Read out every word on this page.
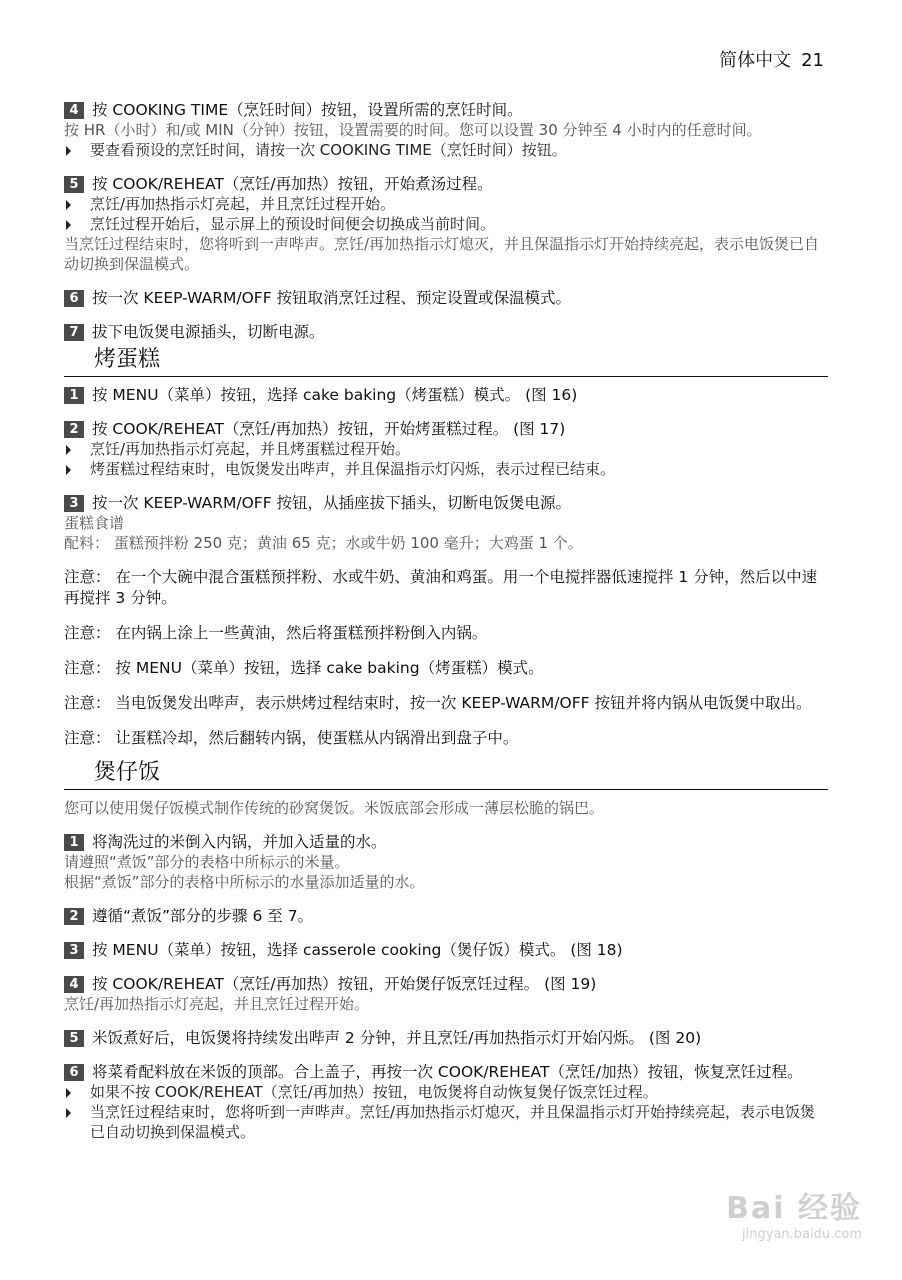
简体中文 21
4 按 COOKING TIME（烹饪时间）按钮，设置所需的烹饪时间。
按 HR（小时）和/或 MIN（分钟）按钮，设置需要的时间。您可以设置 30 分钟至 4 小时内的任意时间。
要查看预设的烹饪时间，请按一次 COOKING TIME（烹饪时间）按钮。
5 按 COOK/REHEAT（烹饪/再加热）按钮，开始煮汤过程。
烹饪/再加热指示灯亮起，并且烹饪过程开始。
烹饪过程开始后，显示屏上的预设时间便会切换成当前时间。
当烹饪过程结束时，您将听到一声哔声。烹饪/再加热指示灯熄灭，并且保温指示灯开始持续亮起，表示电饭煲已自动切换到保温模式。
6 按一次 KEEP-WARM/OFF 按钮取消烹饪过程、预定设置或保温模式。
7 拔下电饭煲电源插头，切断电源。
烤蛋糕
1 按 MENU（菜单）按钮，选择 cake baking（烤蛋糕）模式。 (图 16)
2 按 COOK/REHEAT（烹饪/再加热）按钮，开始烤蛋糕过程。 (图 17)
烹饪/再加热指示灯亮起，并且烤蛋糕过程开始。
烤蛋糕过程结束时，电饭煲发出哔声，并且保温指示灯闪烁，表示过程已结束。
3 按一次 KEEP-WARM/OFF 按钮，从插座拔下插头，切断电饭煲电源。
蛋糕食谱
配料： 蛋糕预拌粉 250 克；黄油 65 克；水或牛奶 100 毫升；大鸡蛋 1 个。
注意： 在一个大碗中混合蛋糕预拌粉、水或牛奶、黄油和鸡蛋。用一个电搅拌器低速搅拌 1 分钟，然后以中速再搅拌 3 分钟。
注意： 在内锅上涂上一些黄油，然后将蛋糕预拌粉倒入内锅。
注意： 按 MENU（菜单）按钮，选择 cake baking（烤蛋糕）模式。
注意： 当电饭煲发出哔声，表示烘烤过程结束时，按一次 KEEP-WARM/OFF 按钮并将内锅从电饭煲中取出。
注意： 让蛋糕冷却，然后翻转内锅，使蛋糕从内锅滑出到盘子中。
煲仔饭
您可以使用煲仔饭模式制作传统的砂窝煲饭。米饭底部会形成一薄层松脆的锅巴。
1 将淘洗过的米倒入内锅，并加入适量的水。
请遵照“煮饭”部分的表格中所标示的米量。
根据“煮饭”部分的表格中所标示的水量添加适量的水。
2 遵循“煮饭”部分的步骤 6 至 7。
3 按 MENU（菜单）按钮，选择 casserole cooking（煲仔饭）模式。 (图 18)
4 按 COOK/REHEAT（烹饪/再加热）按钮，开始煲仔饭烹饪过程。 (图 19)
烹饪/再加热指示灯亮起，并且烹饪过程开始。
5 米饭煮好后，电饭煲将持续发出哔声 2 分钟，并且烹饪/再加热指示灯开始闪烁。 (图 20)
6 将菜肴配料放在米饭的顶部。合上盖子，再按一次 COOK/REHEAT（烹饪/加热）按钮，恢复烹饪过程。
如果不按 COOK/REHEAT（烹饪/再加热）按钮，电饭煲将自动恢复煲仔饭烹饪过程。
当烹饪过程结束时，您将听到一声哔声。烹饪/再加热指示灯熄灭，并且保温指示灯开始持续亮起，表示电饭煲已自动切换到保温模式。
Bai 经验
jingyan.baidu.com
